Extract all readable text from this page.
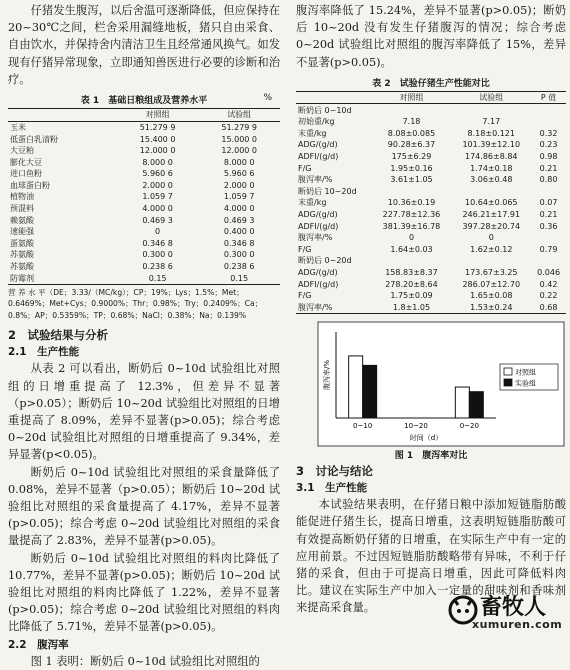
仔猪发生腹泻，以后舍温可逐渐降低，但应保持在 20~30℃之间，栏舍采用漏缝地板，猪只自由采食、自由饮水，并保持舍内清洁卫生且经常通风换气。如发现有仔猪异常现象，立即通知兽医进行必要的诊断和治疗。

表 1　基础日粮组成及营养水平	%
	对照组	试验组
玉米	51.279 9	51.279 9
低蛋白乳清粉	15.400 0	15.000 0
大豆粕	12.000 0	12.000 0
膨化大豆	8.000 0	8.000 0
进口鱼粉	5.960 6	5.960 6
血球蛋白粉	2.000 0	2.000 0
植物油	1.059 7	1.059 7
预混料	4.000 0	4.000 0
赖氨酸	0.469 3	0.469 3
速能强	0	0.400 0
蛋氨酸	0.346 8	0.346 8
苏氨酸	0.300 0	0.300 0
苏氨酸	0.238 6	0.238 6
防霉剂	0.15	0.15
营 养 水 平（DE；3.33/（MC/kg）；CP；19%；Lys；1.5%；Met；0.6469%；Met+Cys；0.9000%；Thr；0.98%；Try；0.2409%；Ca；0.8%；AP；0.5359%；TP；0.68%；NaCl；0.38%；Na；0.139%
2　试验结果与分析
2.1　生产性能

从表 2 可以看出，断奶后 0~10d 试验组比对照组的日增重提高了 12.3%，但差异不显著（p>0.05）；断奶后 10~20d 试验组比对照组的日增重提高了 8.09%，差异不显著(p>0.05)；综合考虑 0~20d 试验组比对照组的日增重提高了 9.34%，差异显著(p<0.05)。

断奶后 0~10d 试验组比对照组的采食量降低了 0.08%，差异不显著（p>0.05）；断奶后 10~20d 试验组比对照组的采食量提高了 4.17%，差异不显著(p>0.05)；综合考虑 0~20d 试验组比对照组的采食量提高了 2.83%，差异不显著(p>0.05)。

断奶后 0~10d 试验组比对照组的料肉比降低了 10.77%，差异不显著(p>0.05)；断奶后 10~20d 试验组比对照组的料肉比降低了 1.22%，差异不显著(p>0.05)；综合考虑 0~20d 试验组比对照组的料肉比降低了 5.71%，差异不显著(p>0.05)。

2.2　腹泻率

图 1 表明：断奶后 0~10d 试验组比对照组的

腹泻率降低了 15.24%，差异不显著(p>0.05)；断奶后 10~20d 没有发生仔猪腹泻的情况；综合考虑 0~20d 试验组比对照组的腹泻率降低了 15%，差异不显著(p>0.05)。

表 2　试验仔猪生产性能对比
	对照组	试验组	P 值
断奶后 0~10d			
初始重/kg	7.18	7.17	
末重/kg	8.08±0.085	8.18±0.121	0.32
ADG/(g/d)	90.28±6.37	101.39±12.10	0.23
ADFI/(g/d)	175±6.29	174.86±8.84	0.98
F/G	1.95±0.16	1.74±0.18	0.21
腹泻率/%	3.61±1.05	3.06±0.48	0.80
断奶后 10~20d			
末重/kg	10.36±0.19	10.64±0.065	0.07
ADG/(g/d)	227.78±12.36	246.21±17.91	0.21
ADFI/(g/d)	381.39±16.78	397.28±20.74	0.36
腹泻率/%	0	0	
F/G	1.64±0.03	1.62±0.12	0.79
断奶后 0~20d			
ADG/(g/d)	158.83±8.37	173.67±3.25	0.046
ADFI/(g/d)	278.20±8.64	286.07±12.70	0.42
F/G	1.75±0.09	1.65±0.08	0.22
腹泻率/%	1.8±1.05	1.53±0.24	0.68
腹泻率/%
0~10	10~20	0~20
时间（d）
对照组
实验组
图 1　腹泻率对比
3　讨论与结论
3.1　生产性能

本试验结果表明，在仔猪日粮中添加短链脂肪酸能促进仔猪生长，提高日增重，这表明短链脂肪酸可有效提高断奶仔猪的日增重，在实际生产中有一定的应用前景。不过因短链脂肪酸略带有异味，不利于仔猪的采食，但由于可提高日增重，因此可降低料肉比。建议在实际生产中加入一定量的甜味剂和香味剂来提高采食量。	畜牧人
xumuren.com
